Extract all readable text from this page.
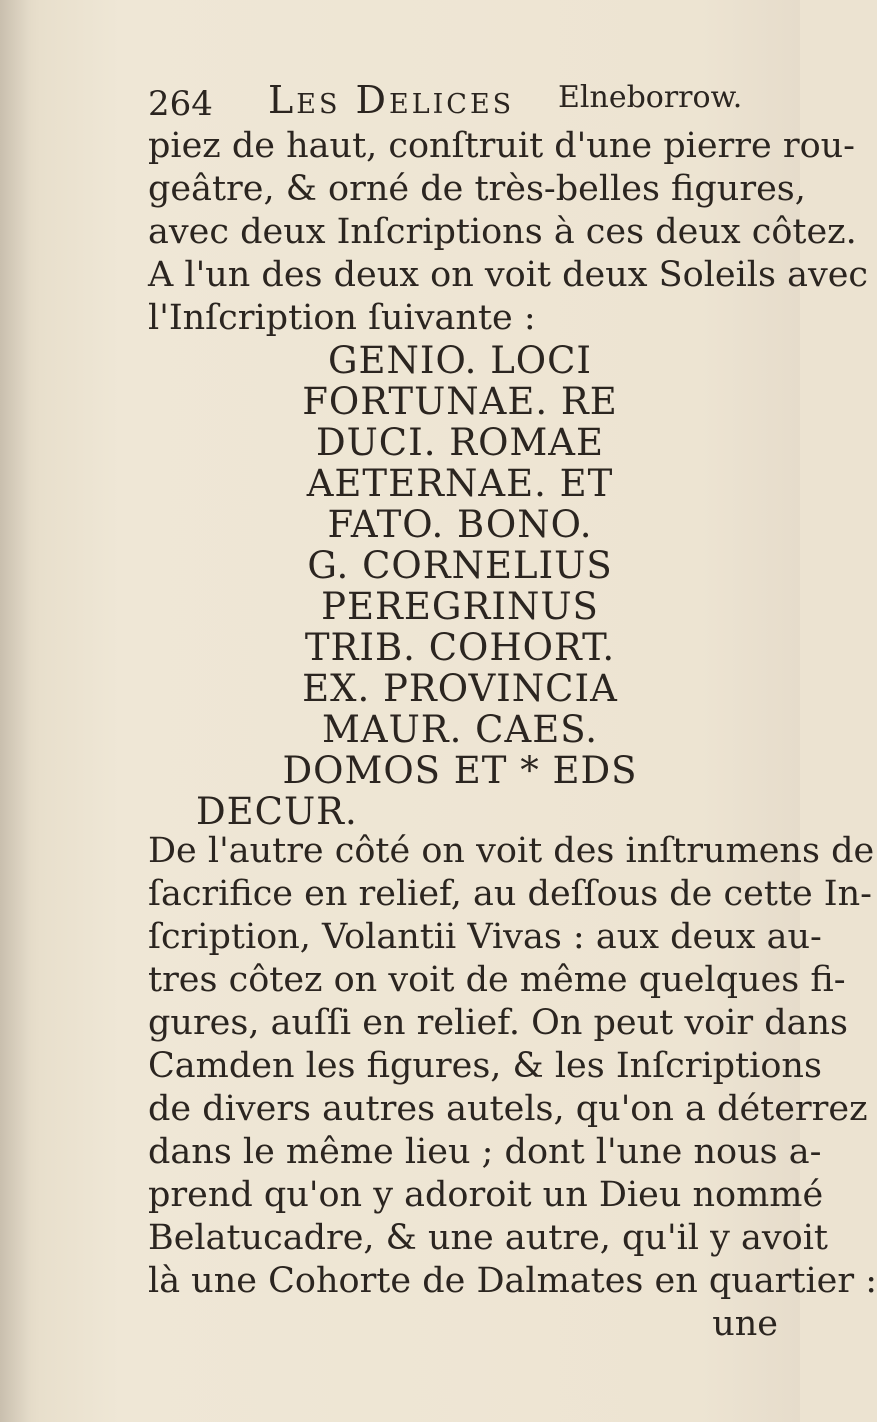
264 Les Delices Elneborrow.
piez de haut, conſtruit d'une pierre rou-
geâtre, & orné de très-belles figures,
avec deux Inſcriptions à ces deux côtez.
A l'un des deux on voit deux Soleils avec
l'Inſcription ſuivante :
GENIO. LOCI
FORTUNAE. RE
DUCI. ROMAE
AETERNAE. ET
FATO. BONO.
G. CORNELIUS
PEREGRINUS
TRIB. COHORT.
EX. PROVINCIA
MAUR. CAES.
DOMOS ET * EDS
DECUR.
De l'autre côté on voit des inſtrumens de
ſacrifice en relief, au deſſous de cette In-
ſcription, Volantii Vivas : aux deux au-
tres côtez on voit de même quelques fi-
gures, auſſi en relief. On peut voir dans
Camden les figures, & les Inſcriptions
de divers autres autels, qu'on a déterrez
dans le même lieu ; dont l'une nous a-
prend qu'on y adoroit un Dieu nommé
Belatucadre, & une autre, qu'il y avoit
là une Cohorte de Dalmates en quartier :
une
